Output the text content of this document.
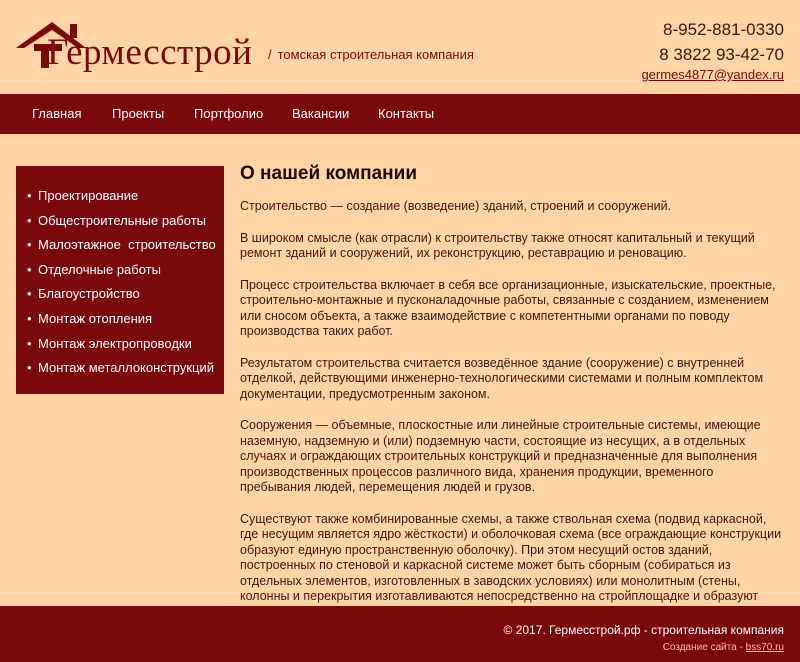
Гермесстрой / томская строительная компания
8-952-881-0330
8 3822 93-42-70
germes4877@yandex.ru
Главная Проекты Портфолио Вакансии Контакты
• Проектирование
• Общестроительные работы
• Малоэтажное  строительство
• Отделочные работы
• Благоустройство
• Монтаж отопления
• Монтаж электропроводки
• Монтаж металлоконструкций
О нашей компании

Строительство — создание (возведение) зданий, строений и сооружений.

В широком смысле (как отрасли) к строительству также относят капитальный и текущий ремонт зданий и сооружений, их реконструкцию, реставрацию и реновацию.

Процесс строительства включает в себя все организационные, изыскательские, проектные, строительно-монтажные и пусконаладочные работы, связанные с созданием, изменением или сносом объекта, а также взаимодействие с компетентными органами по поводу производства таких работ.

Результатом строительства считается возведённое здание (сооружение) с внутренней отделкой, действующими инженерно-технологическими системами и полным комплектом документации, предусмотренным законом.

Сооружения — объемные, плоскостные или линейные строительные системы, имеющие наземную, надземную и (или) подземную части, состоящие из несущих, а в отдельных случаях и ограждающих строительных конструкций и предназначенные для выполнения производственных процессов различного вида, хранения продукции, временного пребывания людей, перемещения людей и грузов.

Существуют также комбинированные схемы, а также ствольная схема (подвид каркасной, где несущим является ядро жёсткости) и оболочковая схема (все ограждающие конструкции образуют единую пространственную оболочку). При этом несущий остов зданий, построенных по стеновой и каркасной системе может быть сборным (собираться из отдельных элементов, изготовленных в заводских условиях) или монолитным (стены, колонны и перекрытия изготавливаются непосредственно на стройплощадке и образуют

© 2017. Гермесстрой.рф - строительная компания
Создание сайта - bss70.ru
